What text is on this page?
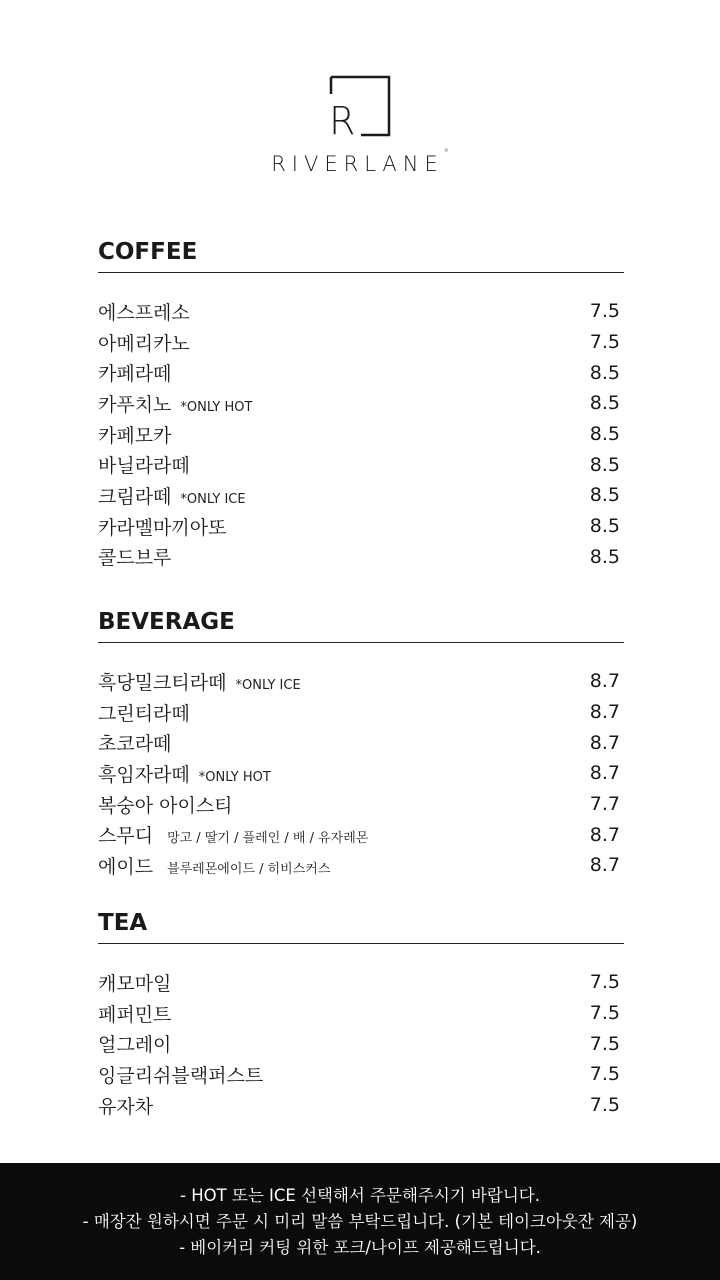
R
RIVERLANE°
COFFEE
에스프레소	7.5
아메리카노	7.5
카페라떼	8.5
카푸치노 *ONLY HOT	8.5
카페모카	8.5
바닐라라떼	8.5
크림라떼 *ONLY ICE	8.5
카라멜마끼아또	8.5
콜드브루	8.5
BEVERAGE
흑당밀크티라떼 *ONLY ICE	8.7
그린티라떼	8.7
초코라떼	8.7
흑임자라떼 *ONLY HOT	8.7
복숭아 아이스티	7.7
스무디 망고 / 딸기 / 플레인 / 배 / 유자레몬	8.7
에이드 블루레몬에이드 / 히비스커스	8.7
TEA
캐모마일	7.5
페퍼민트	7.5
얼그레이	7.5
잉글리쉬블랙퍼스트	7.5
유자차	7.5
- HOT 또는 ICE 선택해서 주문해주시기 바랍니다.
- 매장잔 원하시면 주문 시 미리 말씀 부탁드립니다. (기본 테이크아웃잔 제공)
- 베이커리 커팅 위한 포크/나이프 제공해드립니다.
